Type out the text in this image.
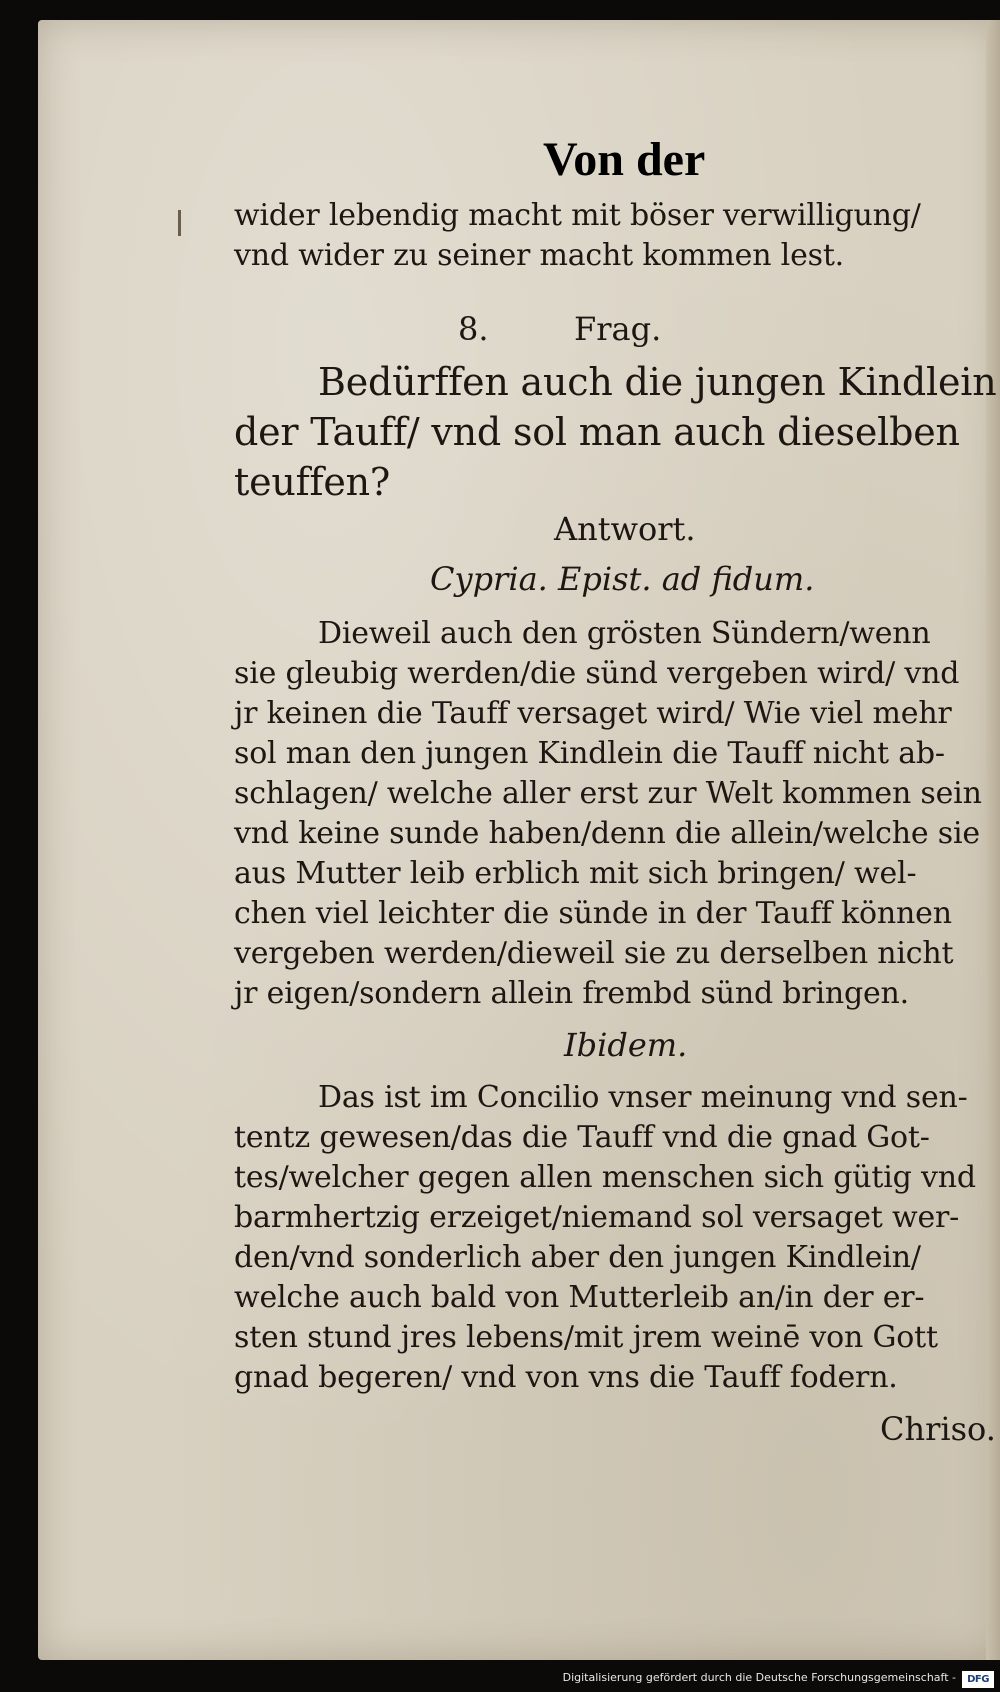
Von der
wider lebendig macht mit böser verwilligung/
vnd wider zu seiner macht kommen lest.
8.	Frag.
Bedürffen auch die jungen Kindlein
der Tauff/ vnd sol man auch dieselben
teuffen?
Antwort.
Cypria. Epist. ad fidum.
Dieweil auch den grösten Sündern/wenn
sie gleubig werden/die sünd vergeben wird/ vnd
jr keinen die Tauff versaget wird/ Wie viel mehr
sol man den jungen Kindlein die Tauff nicht ab-
schlagen/ welche aller erst zur Welt kommen sein
vnd keine sunde haben/denn die allein/welche sie
aus Mutter leib erblich mit sich bringen/ wel-
chen viel leichter die sünde in der Tauff können
vergeben werden/dieweil sie zu derselben nicht
jr eigen/sondern allein frembd sünd bringen.
Ibidem.
Das ist im Concilio vnser meinung vnd sen-
tentz gewesen/das die Tauff vnd die gnad Got-
tes/welcher gegen allen menschen sich gütig vnd
barmhertzig erzeiget/niemand sol versaget wer-
den/vnd sonderlich aber den jungen Kindlein/
welche auch bald von Mutterleib an/in der er-
sten stund jres lebens/mit jrem weinē von Gott
gnad begeren/ vnd von vns die Tauff fodern.
Chriso.
Digitalisierung gefördert durch die Deutsche Forschungsgemeinschaft -	DFG
